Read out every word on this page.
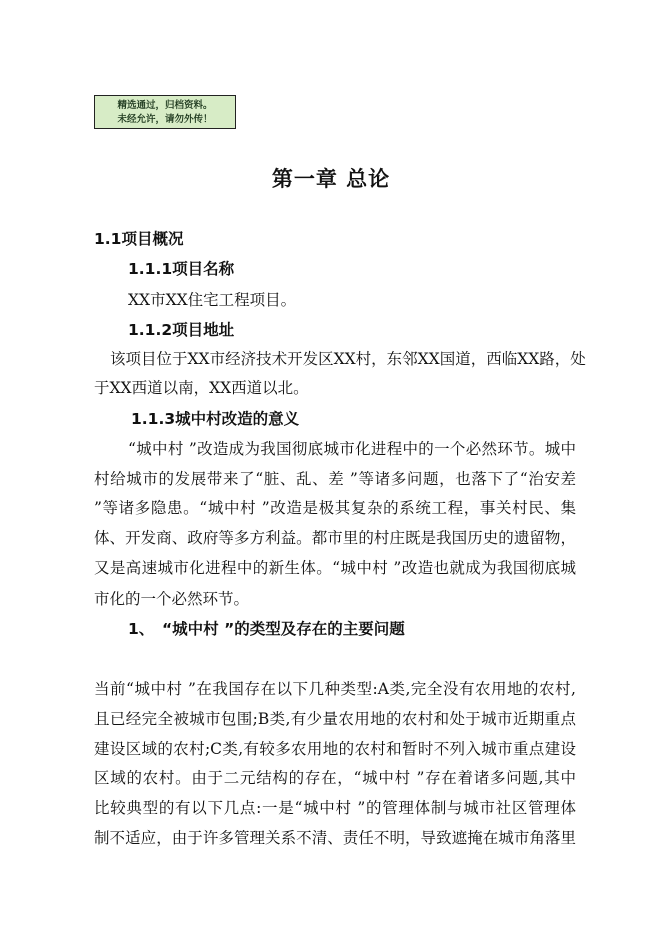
精选通过，归档资料。
未经允许，请勿外传！
第一章 总论
1.1项目概况
1.1.1项目名称
XX市XX住宅工程项目。
1.1.2项目地址
该项目位于XX市经济技术开发区XX村，东邻XX国道，西临XX路，处
于XX西道以南，XX西道以北。
1.1.3城中村改造的意义
“城中村 ”改造成为我国彻底城市化进程中的一个必然环节。城中
村给城市的发展带来了“脏、乱、差 ”等诸多问题，也落下了“治安差
”等诸多隐患。“城中村 ”改造是极其复杂的系统工程，事关村民、集
体、开发商、政府等多方利益。都市里的村庄既是我国历史的遗留物，
又是高速城市化进程中的新生体。“城中村 ”改造也就成为我国彻底城
市化的一个必然环节。
1、 “城中村 ”的类型及存在的主要问题
当前“城中村 ”在我国存在以下几种类型:A类,完全没有农用地的农村,
且已经完全被城市包围;B类,有少量农用地的农村和处于城市近期重点
建设区域的农村;C类,有较多农用地的农村和暂时不列入城市重点建设
区域的农村。由于二元结构的存在，“城中村 ”存在着诸多问题,其中
比较典型的有以下几点:一是“城中村 ”的管理体制与城市社区管理体
制不适应，由于许多管理关系不清、责任不明，导致遮掩在城市角落里
